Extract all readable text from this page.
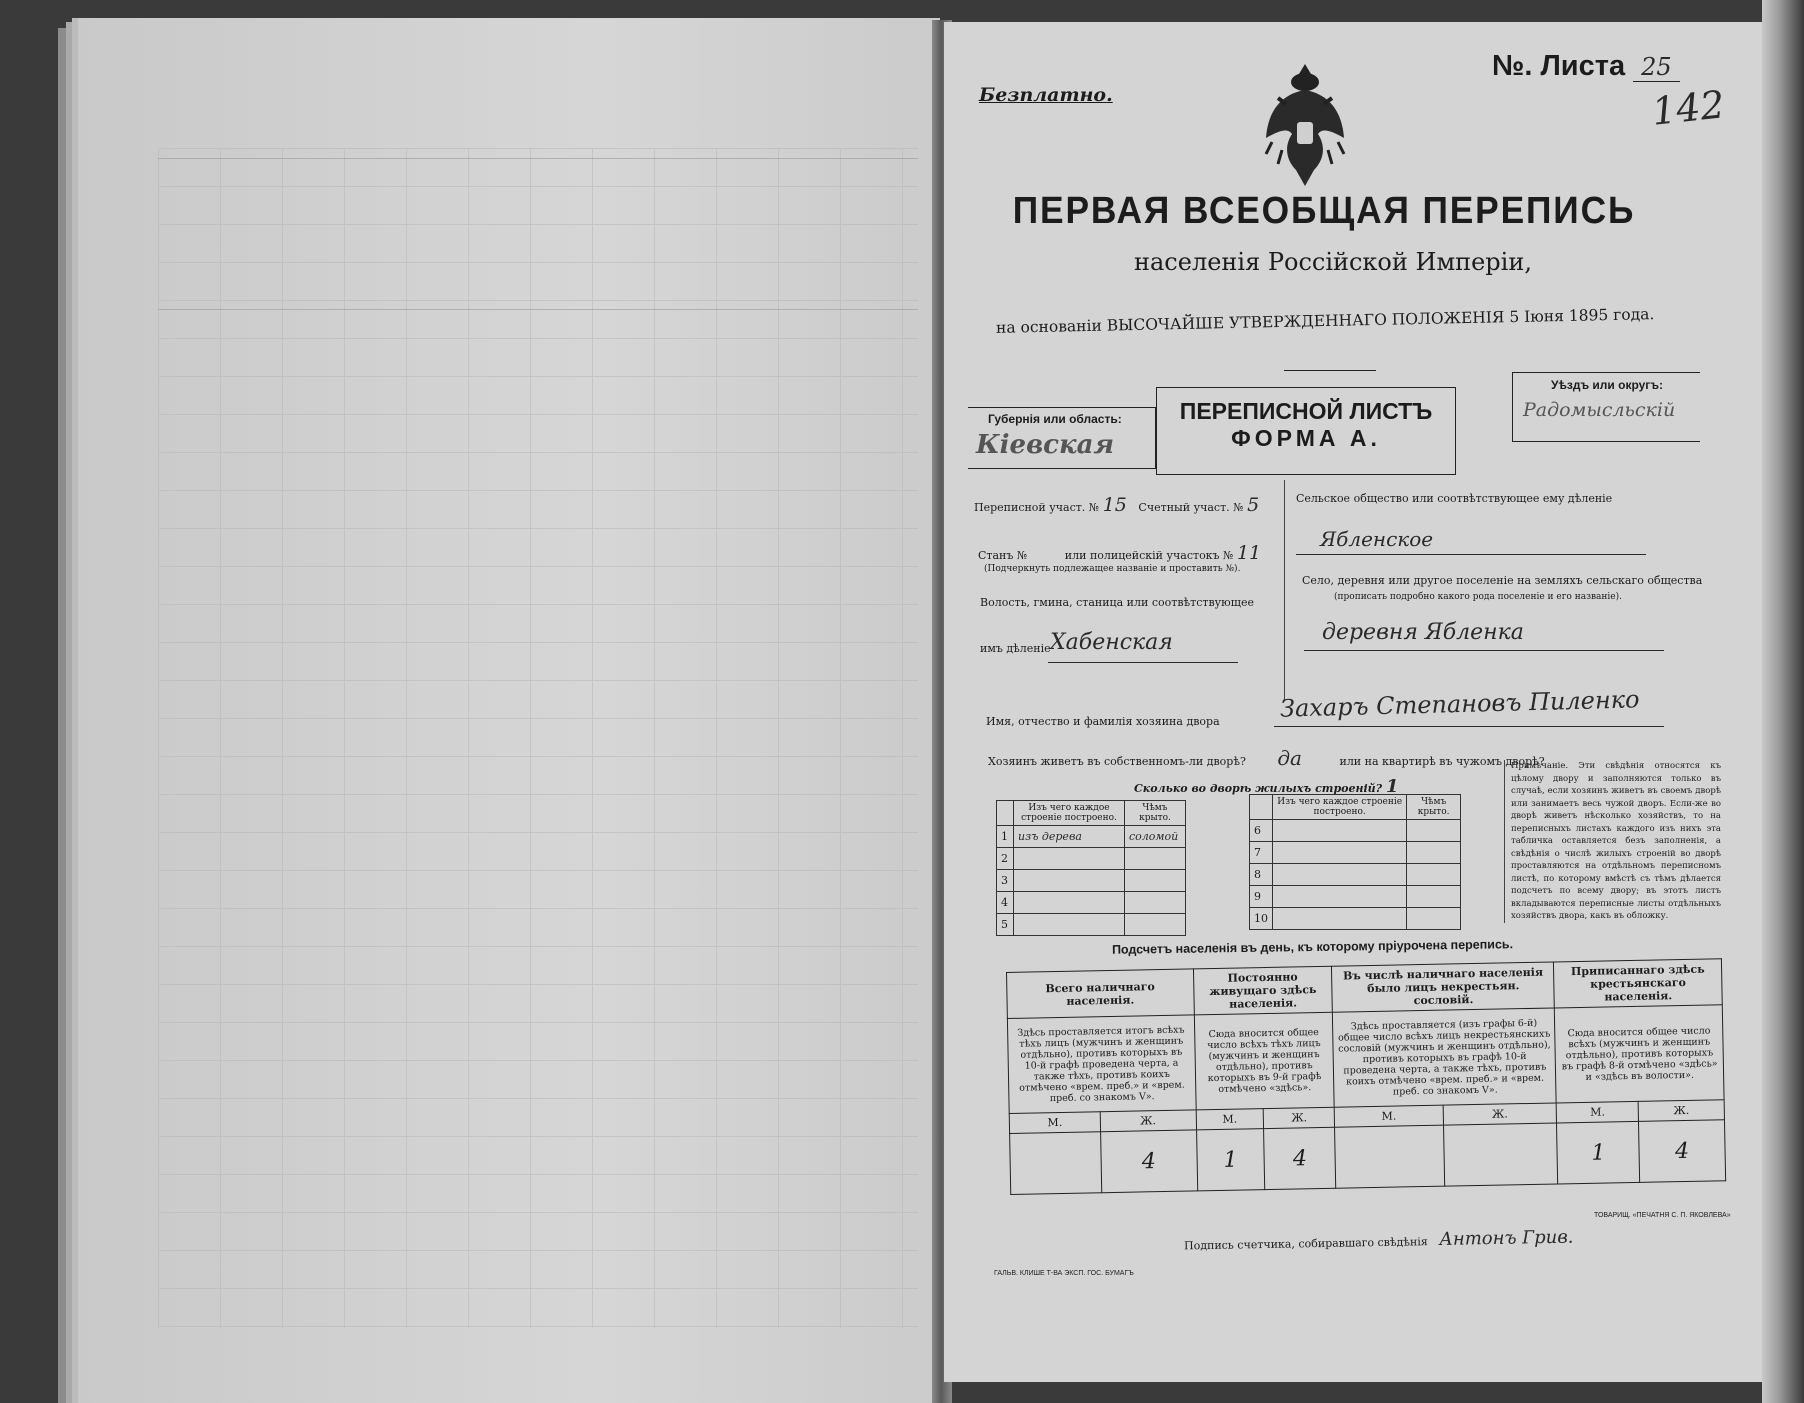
Безплатно.
№. Листа 25
142
ПЕРВАЯ ВСЕОБЩАЯ ПЕРЕПИСЬ
населенія Россійской Имперіи,
на основаніи ВЫСОЧАЙШЕ УТВЕРЖДЕННАГО ПОЛОЖЕНІЯ 5 Іюня 1895 года.
Губернія или область:
Кіевская
ПЕРЕПИСНОЙ ЛИСТЪ
ФОРМА А.
Уѣздъ или округъ:
Радомысльскій
Переписной участ. № 15 Счетный участ. № 5
Станъ №	или полицейскій участокъ № 11
(Подчеркнуть подлежащее названіе и проставить №).
Волость, гмина, станица или соотвѣтствующее
имъ дѣленіе Хабенская
Сельское общество или соотвѣтствующее ему дѣленіе
Ябленское
Село, деревня или другое поселеніе на земляхъ сельскаго общества
(прописать подробно какого рода поселеніе и его названіе).
деревня Ябленка
Имя, отчество и фамилія хозяина двора	Захаръ Степановъ Пиленко
Хозяинъ живетъ въ собственномъ-ли дворѣ? да	или на квартирѣ въ чужомъ дворѣ?
Сколько во дворѣ жилыхъ строеній? 1
	Изъ чего каждое строеніе построено.	Чѣмъ крыто.
1	изъ дерева	соломой
2		
3		
4		
5		
	Изъ чего каждое строеніе построено.	Чѣмъ крыто.
6		
7		
8		
9		
10		
Примѣчаніе. Эти свѣдѣнія относятся къ цѣлому двору и заполняются только въ случаѣ, если хозяинъ живетъ въ своемъ дворѣ или занимаетъ весь чужой дворъ. Если-же во дворѣ живетъ нѣсколько хозяйствъ, то на переписныхъ листахъ каждого изъ нихъ эта табличка оставляется безъ заполненія, а свѣдѣнія о числѣ жилыхъ строеній во дворѣ проставляются на отдѣльномъ переписномъ листѣ, по которому вмѣстѣ съ тѣмъ дѣлается подсчетъ по всему двору; въ этотъ листъ вкладываются переписные листы отдѣльныхъ хозяйствъ двора, какъ въ обложку.
Подсчетъ населенія въ день, къ которому пріурочена перепись.
Всего наличнаго населенія.		Постоянно живущаго здѣсь населенія.		Въ числѣ наличнаго населенія было лицъ некрестьян. сословій.		Приписаннаго здѣсь крестьянскаго населенія.	
Здѣсь проставляется итогъ всѣхъ тѣхъ лицъ (мужчинъ и женщинъ отдѣльно), противъ которыхъ въ 10-й графѣ проведена черта, а также тѣхъ, противъ коихъ отмѣчено «врем. преб.» и «врем. преб. со знакомъ V».		Сюда вносится общее число всѣхъ тѣхъ лицъ (мужчинъ и женщинъ отдѣльно), противъ которыхъ въ 9-й графѣ отмѣчено «здѣсь».		Здѣсь проставляется (изъ графы 6-й) общее число всѣхъ лицъ некрестьянскихъ сословій (мужчинъ и женщинъ отдѣльно), противъ которыхъ въ графѣ 10-й проведена черта, а также тѣхъ, противъ коихъ отмѣчено «врем. преб.» и «врем. преб. со знакомъ V».		Сюда вносится общее число всѣхъ (мужчинъ и женщинъ отдѣльно), противъ которыхъ въ графѣ 8-й отмѣчено «здѣсь» и «здѣсь въ волости».	
М.	Ж.	М.	Ж.	М.	Ж.	М.	Ж.
	4	1	4			1	4
Подпись счетчика, собиравшаго свѣдѣнія Антонъ Грив.
ГАЛЬВ. КЛИШЕ Т-ВА ЭКСП. ГОС. БУМАГЪ
ТОВАРИЩ. «ПЕЧАТНЯ С. П. ЯКОВЛЕВА»
